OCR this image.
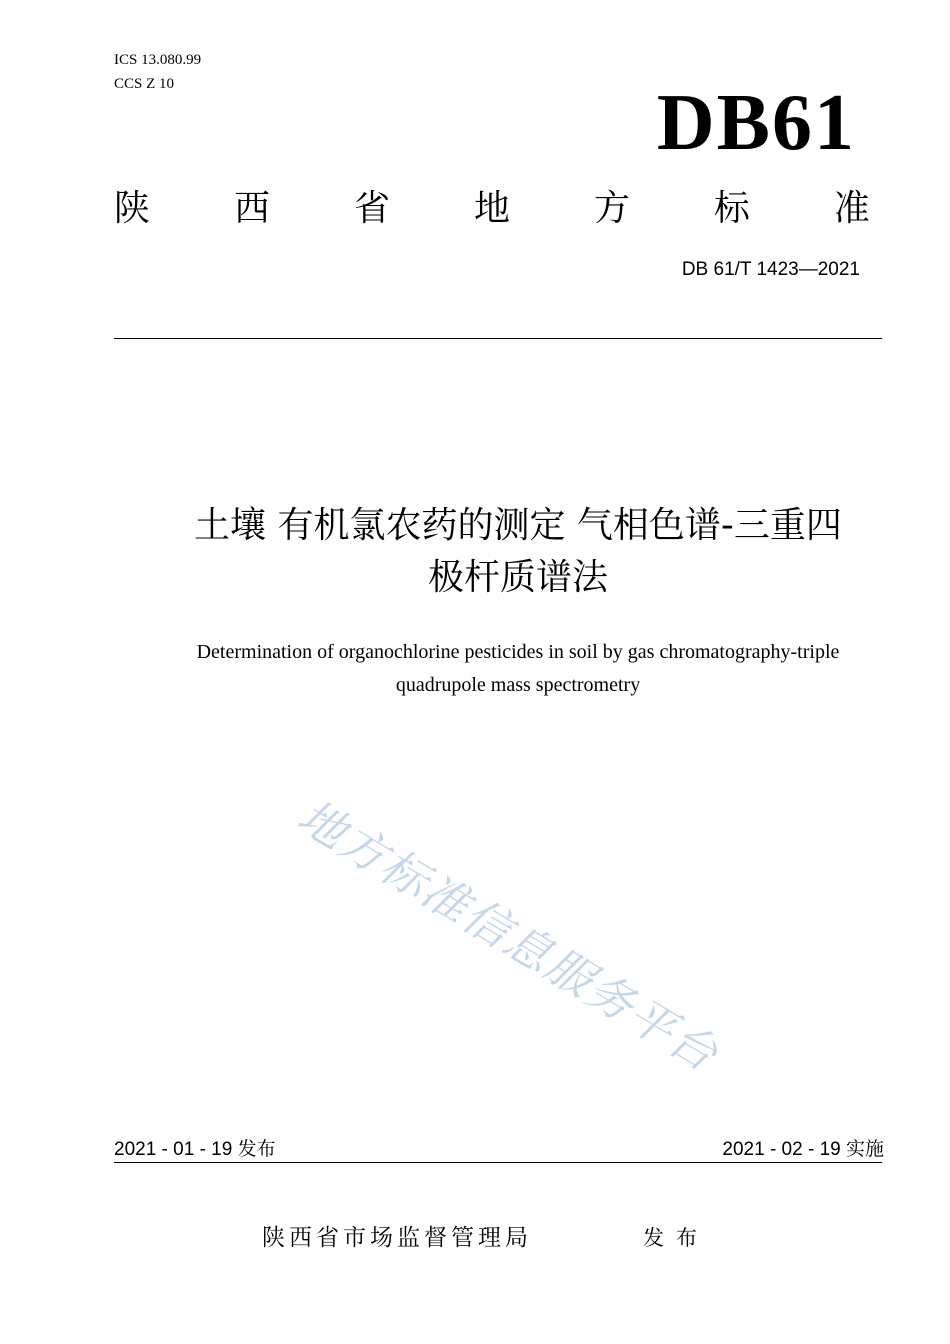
ICS 13.080.99
CCS Z 10	DB61
陕 西 省 地 方 标 准
DB 61/T 1423—2021
土壤 有机氯农药的测定 气相色谱-三重四
极杆质谱法
Determination of organochlorine pesticides in soil by gas chromatography-triple
quadrupole mass spectrometry
地方标准信息服务平台
2021 - 01 - 19 发布	2021 - 02 - 19 实施
陕西省市场监督管理局	发布
